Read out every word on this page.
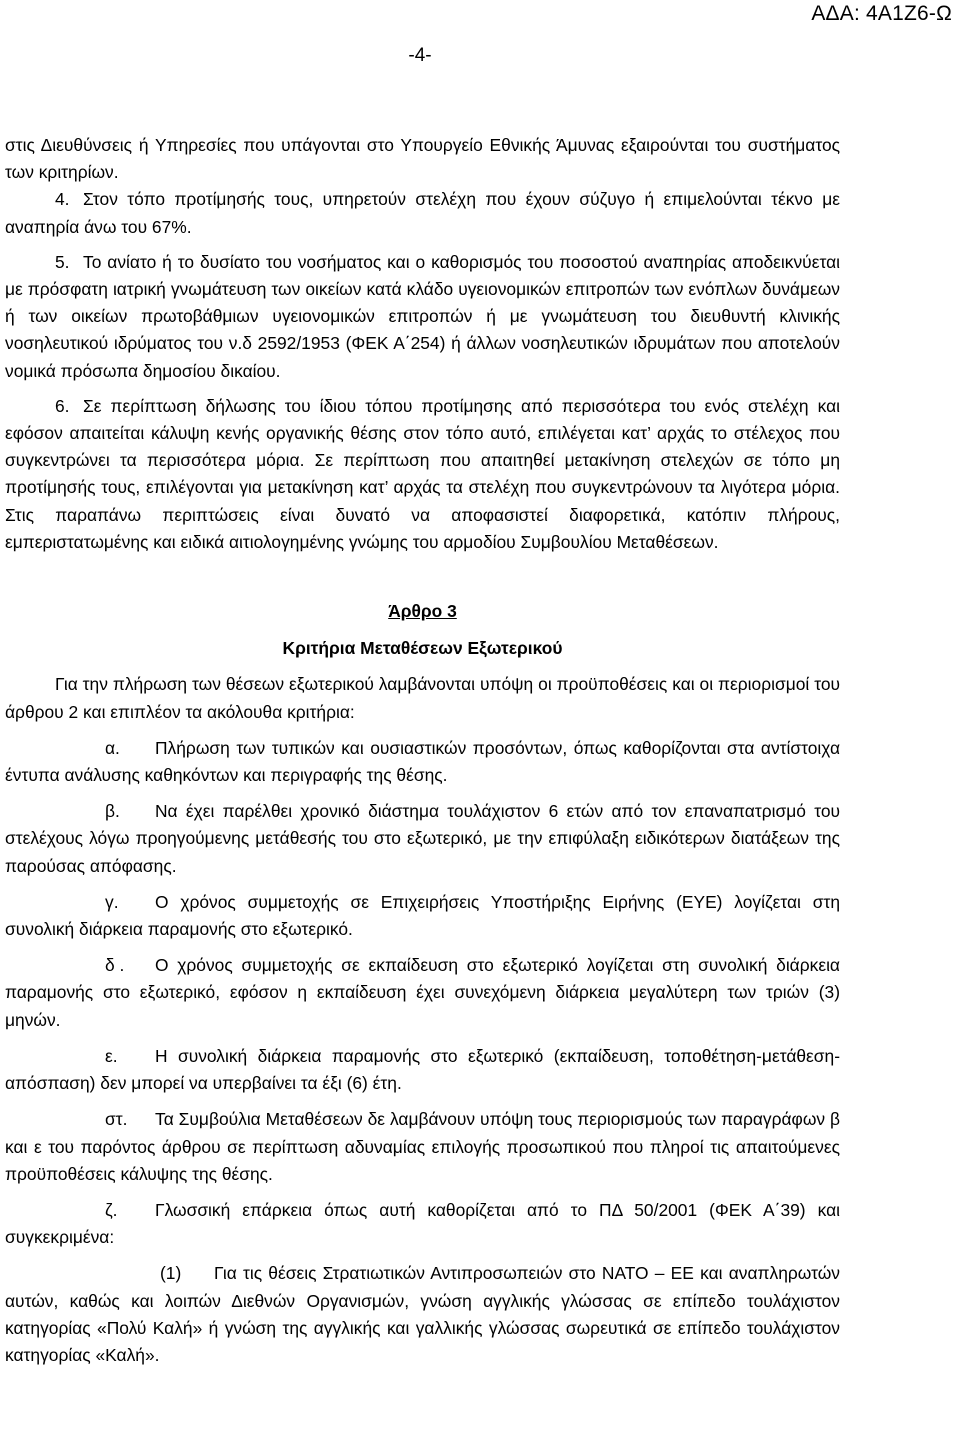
ΑΔΑ: 4Α1Ζ6-Ω
-4-

στις Διευθύνσεις ή Υπηρεσίες που υπάγονται στο Υπουργείο Εθνικής Άμυνας εξαιρούνται του συστήματος των κριτηρίων.

4. Στον τόπο προτίμησής τους, υπηρετούν στελέχη που έχουν σύζυγο ή επιμελούνται τέκνο με αναπηρία άνω του 67%.

5. Το ανίατο ή το δυσίατο του νοσήματος και ο καθορισμός του ποσοστού αναπηρίας αποδεικνύεται με πρόσφατη ιατρική γνωμάτευση των οικείων κατά κλάδο υγειονομικών επιτροπών των ενόπλων δυνάμεων ή των οικείων πρωτοβάθμιων υγειονομικών επιτροπών ή με γνωμάτευση του διευθυντή κλινικής νοσηλευτικού ιδρύματος του ν.δ 2592/1953 (ΦΕΚ Α΄254) ή άλλων νοσηλευτικών ιδρυμάτων που αποτελούν νομικά πρόσωπα δημοσίου δικαίου.

6. Σε περίπτωση δήλωσης του ίδιου τόπου προτίμησης από περισσότερα του ενός στελέχη και εφόσον απαιτείται κάλυψη κενής οργανικής θέσης στον τόπο αυτό, επιλέγεται κατ’ αρχάς το στέλεχος που συγκεντρώνει τα περισσότερα μόρια. Σε περίπτωση που απαιτηθεί μετακίνηση στελεχών σε τόπο μη προτίμησής τους, επιλέγονται για μετακίνηση κατ’ αρχάς τα στελέχη που συγκεντρώνουν τα λιγότερα μόρια. Στις παραπάνω περιπτώσεις είναι δυνατό να αποφασιστεί διαφορετικά, κατόπιν πλήρους, εμπεριστατωμένης και ειδικά αιτιολογημένης γνώμης του αρμοδίου Συμβουλίου Μεταθέσεων.

Άρθρο 3

Κριτήρια Μεταθέσεων Εξωτερικού

Για την πλήρωση των θέσεων εξωτερικού λαμβάνονται υπόψη οι προϋποθέσεις και οι περιορισμοί του άρθρου 2 και επιπλέον τα ακόλουθα κριτήρια:

α. Πλήρωση των τυπικών και ουσιαστικών προσόντων, όπως καθορίζονται στα αντίστοιχα έντυπα ανάλυσης καθηκόντων και περιγραφής της θέσης.

β. Να έχει παρέλθει χρονικό διάστημα τουλάχιστον 6 ετών από τον επαναπατρισμό του στελέχους λόγω προηγούμενης μετάθεσής του στο εξωτερικό, με την επιφύλαξη ειδικότερων διατάξεων της παρούσας απόφασης.

γ. Ο χρόνος συμμετοχής σε Επιχειρήσεις Υποστήριξης Ειρήνης (ΕΥΕ) λογίζεται στη συνολική διάρκεια παραμονής στο εξωτερικό.

δ . Ο χρόνος συμμετοχής σε εκπαίδευση στο εξωτερικό λογίζεται στη συνολική διάρκεια παραμονής στο εξωτερικό, εφόσον η εκπαίδευση έχει συνεχόμενη διάρκεια μεγαλύτερη των τριών (3) μηνών.

ε. Η συνολική διάρκεια παραμονής στο εξωτερικό (εκπαίδευση, τοποθέτηση-μετάθεση-απόσπαση) δεν μπορεί να υπερβαίνει τα έξι (6) έτη.

στ. Τα Συμβούλια Μεταθέσεων δε λαμβάνουν υπόψη τους περιορισμούς των παραγράφων β και ε του παρόντος άρθρου σε περίπτωση αδυναμίας επιλογής προσωπικού που πληροί τις απαιτούμενες προϋποθέσεις κάλυψης της θέσης.

ζ. Γλωσσική επάρκεια όπως αυτή καθορίζεται από το ΠΔ 50/2001 (ΦΕΚ Α΄39) και συγκεκριμένα:

(1) Για τις θέσεις Στρατιωτικών Αντιπροσωπειών στο ΝΑΤΟ – ΕΕ και αναπληρωτών αυτών, καθώς και λοιπών Διεθνών Οργανισμών, γνώση αγγλικής γλώσσας σε επίπεδο τουλάχιστον κατηγορίας «Πολύ Καλή» ή γνώση της αγγλικής και γαλλικής γλώσσας σωρευτικά σε επίπεδο τουλάχιστον κατηγορίας «Καλή».
